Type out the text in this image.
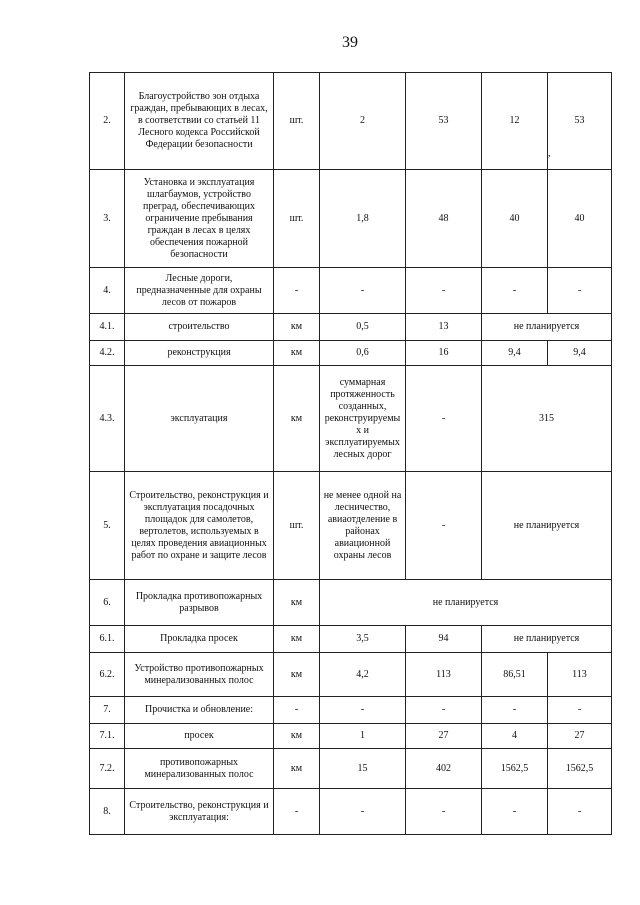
39
2.	Благоустройство зон отдыха граждан, пребывающих в лесах, в соответствии со статьей 11 Лесного кодекса Российской Федерации безопасности	шт.	2	53	12	53
3.	Установка и эксплуатация шлагбаумов, устройство преград, обеспечивающих ограничение пребывания граждан в лесах в целях обеспечения пожарной безопасности	шт.	1,8	48	40	40
4.	Лесные дороги, предназначенные для охраны лесов от пожаров	-	-	-	-	-
4.1.	строительство	км	0,5	13	не планируется	
4.2.	реконструкция	км	0,6	16	9,4	9,4
4.3.	эксплуатация	км	суммарная протяженность созданных, реконструируемых и эксплуатируемых лесных дорог	-	315	
5.	Строительство, реконструкция и эксплуатация посадочных площадок для самолетов, вертолетов, используемых в целях проведения авиационных работ по охране и защите лесов	шт.	не менее одной на лесничество, авиаотделение в районах авиационной охраны лесов	-	не планируется	
6.	Прокладка противопожарных разрывов	км	не планируется			
6.1.	Прокладка просек	км	3,5	94	не планируется	
6.2.	Устройство противопожарных минерализованных полос	км	4,2	113	86,51	113
7.	Прочистка и обновление:	-	-	-	-	-
7.1.	просек	км	1	27	4	27
7.2.	противопожарных минерализованных полос	км	15	402	1562,5	1562,5
8.	Строительство, реконструкция и эксплуатация:	-	-	-	-	-
,
